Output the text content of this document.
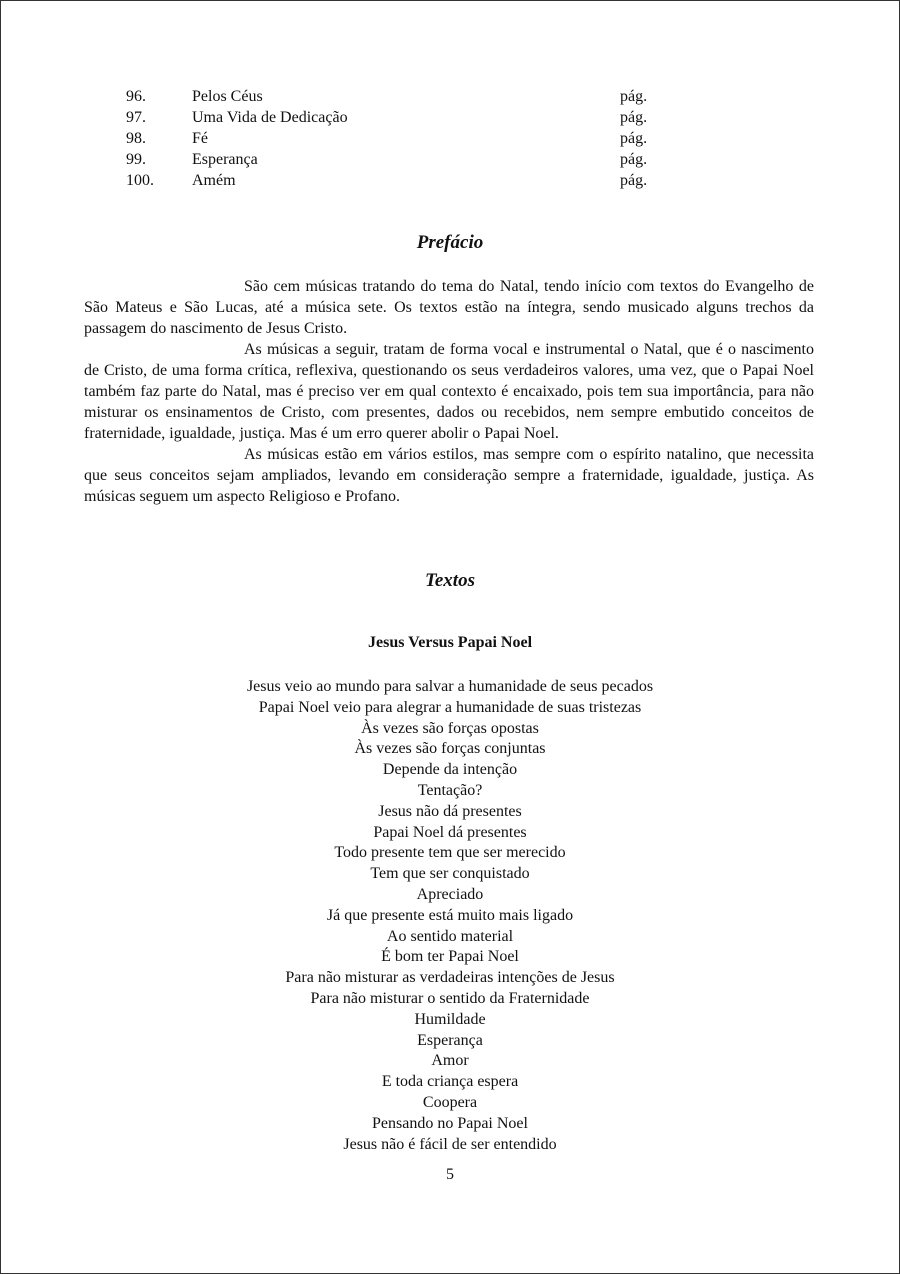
96.	Pelos Céus	pág.
97.	Uma Vida de Dedicação	pág.
98.	Fé	pág.
99.	Esperança	pág.
100. Amém	pág.
Prefácio

São cem músicas tratando do tema do Natal, tendo início com textos do Evangelho de São Mateus e São Lucas, até a música sete. Os textos estão na íntegra, sendo musicado alguns trechos da passagem do nascimento de Jesus Cristo.

As músicas a seguir, tratam de forma vocal e instrumental o Natal, que é o nascimento de Cristo, de uma forma crítica, reflexiva, questionando os seus verdadeiros valores, uma vez, que o Papai Noel também faz parte do Natal, mas é preciso ver em qual contexto é encaixado, pois tem sua importância, para não misturar os ensinamentos de Cristo, com presentes, dados ou recebidos, nem sempre embutido conceitos de fraternidade, igualdade, justiça. Mas é um erro querer abolir o Papai Noel.

As músicas estão em vários estilos, mas sempre com o espírito natalino, que necessita que seus conceitos sejam ampliados, levando em consideração sempre a fraternidade, igualdade, justiça. As músicas seguem um aspecto Religioso e Profano.

Textos
Jesus Versus Papai Noel
Jesus veio ao mundo para salvar a humanidade de seus pecados
Papai Noel veio para alegrar a humanidade de suas tristezas
Às vezes são forças opostas
Às vezes são forças conjuntas
Depende da intenção
Tentação?
Jesus não dá presentes
Papai Noel dá presentes
Todo presente tem que ser merecido
Tem que ser conquistado
Apreciado
Já que presente está muito mais ligado
Ao sentido material
É bom ter Papai Noel
Para não misturar as verdadeiras intenções de Jesus
Para não misturar o sentido da Fraternidade
Humildade
Esperança
Amor
E toda criança espera
Coopera
Pensando no Papai Noel
Jesus não é fácil de ser entendido
5
